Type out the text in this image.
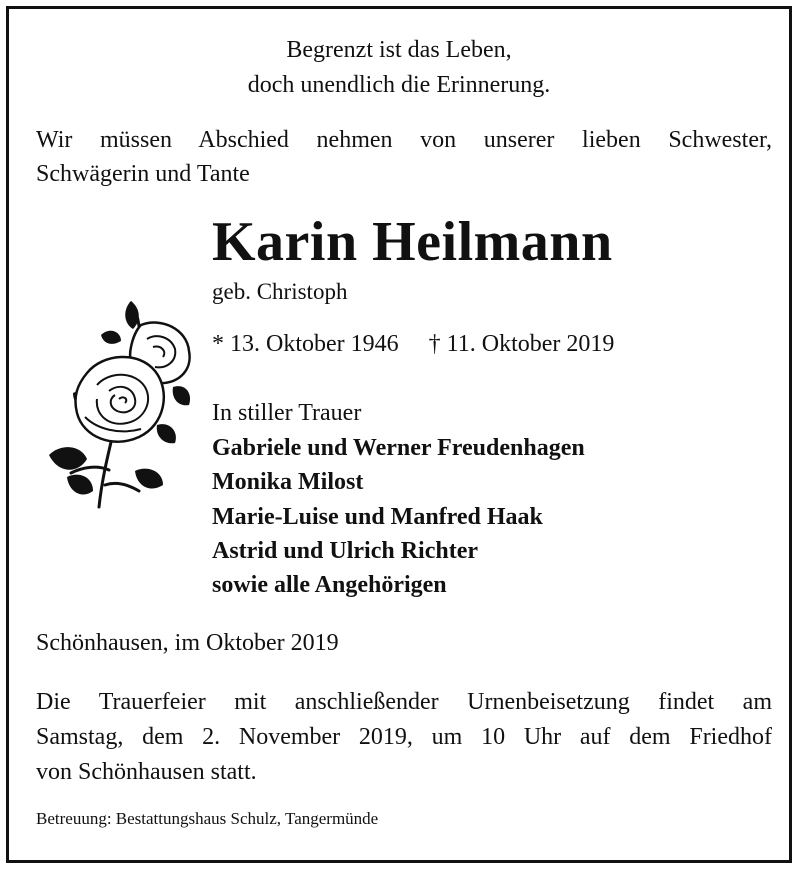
Begrenzt ist das Leben,
doch unendlich die Erinnerung.
Wir müssen Abschied nehmen von unserer lieben Schwester,
Schwägerin und Tante
Karin Heilmann
geb. Christoph
* 13. Oktober 1946 † 11. Oktober 2019
In stiller Trauer
Gabriele und Werner Freudenhagen
Monika Milost
Marie-Luise und Manfred Haak
Astrid und Ulrich Richter
sowie alle Angehörigen
Schönhausen, im Oktober 2019
Die Trauerfeier mit anschließender Urnenbeisetzung findet am
Samstag, dem 2. November 2019, um 10 Uhr auf dem Friedhof
von Schönhausen statt.
Betreuung: Bestattungshaus Schulz, Tangermünde
